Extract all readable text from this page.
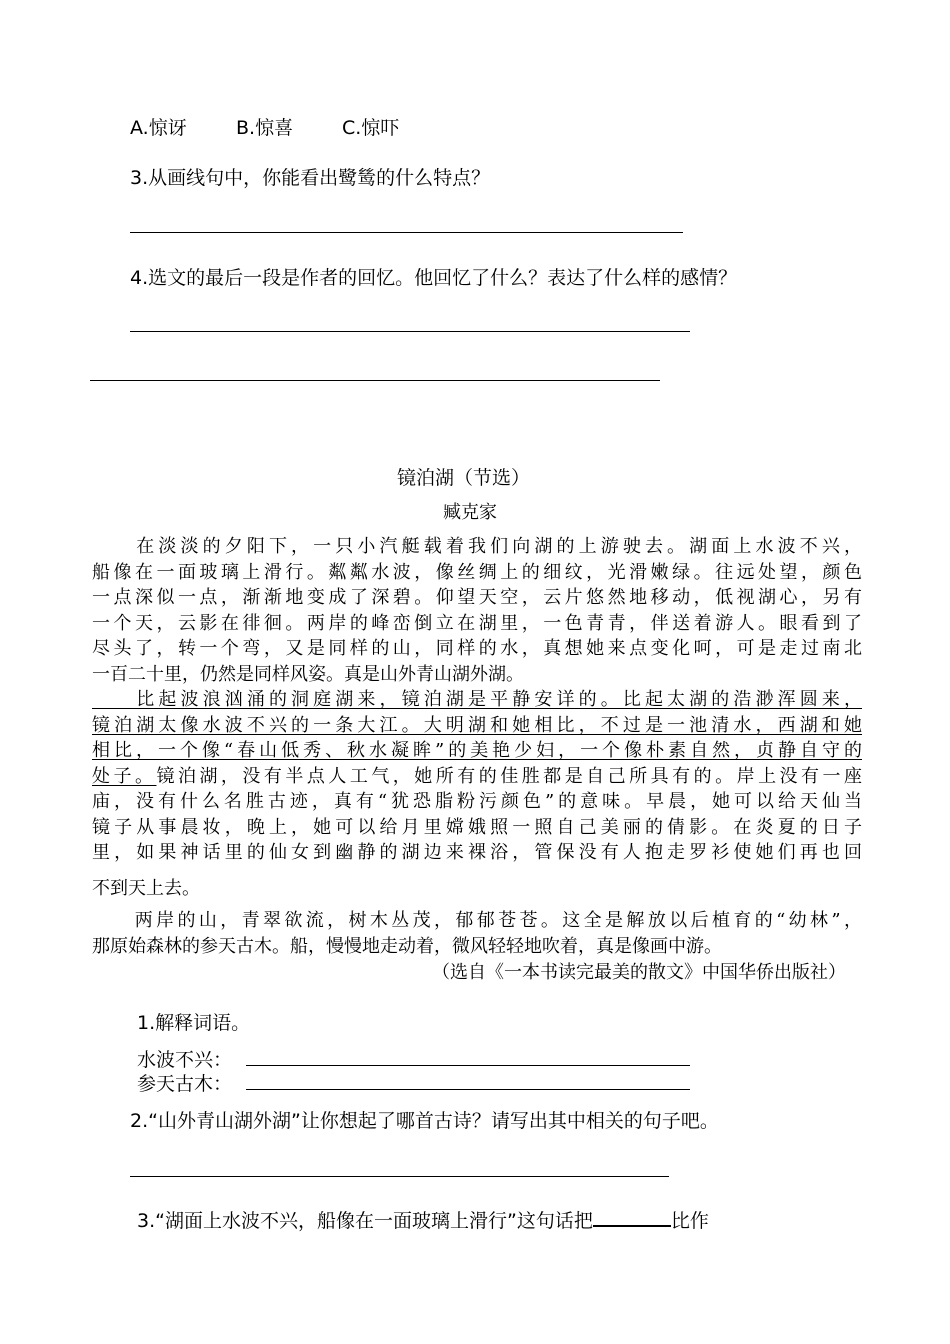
A.惊讶	B.惊喜	C.惊吓
3.从画线句中，你能看出鹭鸶的什么特点？
4.选文的最后一段是作者的回忆。他回忆了什么？表达了什么样的感情？
镜泊湖（节选）
臧克家
　　在淡淡的夕阳下，一只小汽艇载着我们向湖的上游驶去。湖面上水波不兴，
船像在一面玻璃上滑行。粼粼水波，像丝绸上的细纹，光滑嫩绿。往远处望，颜色
一点深似一点，渐渐地变成了深碧。仰望天空，云片悠然地移动，低视湖心，另有
一个天，云影在徘徊。两岸的峰峦倒立在湖里，一色青青，伴送着游人。眼看到了
尽头了，转一个弯，又是同样的山，同样的水，真想她来点变化呵，可是走过南北
一百二十里，仍然是同样风姿。真是山外青山湖外湖。
　　比起波浪汹涌的洞庭湖来，镜泊湖是平静安详的。比起太湖的浩渺浑圆来，
镜泊湖太像水波不兴的一条大江。大明湖和她相比，不过是一池清水，西湖和她
相比，一个像“春山低秀、秋水凝眸”的美艳少妇，一个像朴素自然，贞静自守的
处子。镜泊湖，没有半点人工气，她所有的佳胜都是自己所具有的。岸上没有一座
庙，没有什么名胜古迹，真有“犹恐脂粉污颜色”的意味。早晨，她可以给天仙当
镜子从事晨妆，晚上，她可以给月里嫦娥照一照自己美丽的倩影。在炎夏的日子
里，如果神话里的仙女到幽静的湖边来裸浴，管保没有人抱走罗衫使她们再也回
不到天上去。
　　两岸的山，青翠欲流，树木丛茂，郁郁苍苍。这全是解放以后植育的“幼林”，
那原始森林的参天古木。船，慢慢地走动着，微风轻轻地吹着，真是像画中游。
（选自《一本书读完最美的散文》中国华侨出版社）
1.解释词语。
水波不兴：
参天古木：
2.“山外青山湖外湖”让你想起了哪首古诗？请写出其中相关的句子吧。
3.“湖面上水波不兴，船像在一面玻璃上滑行”这句话把	比作
